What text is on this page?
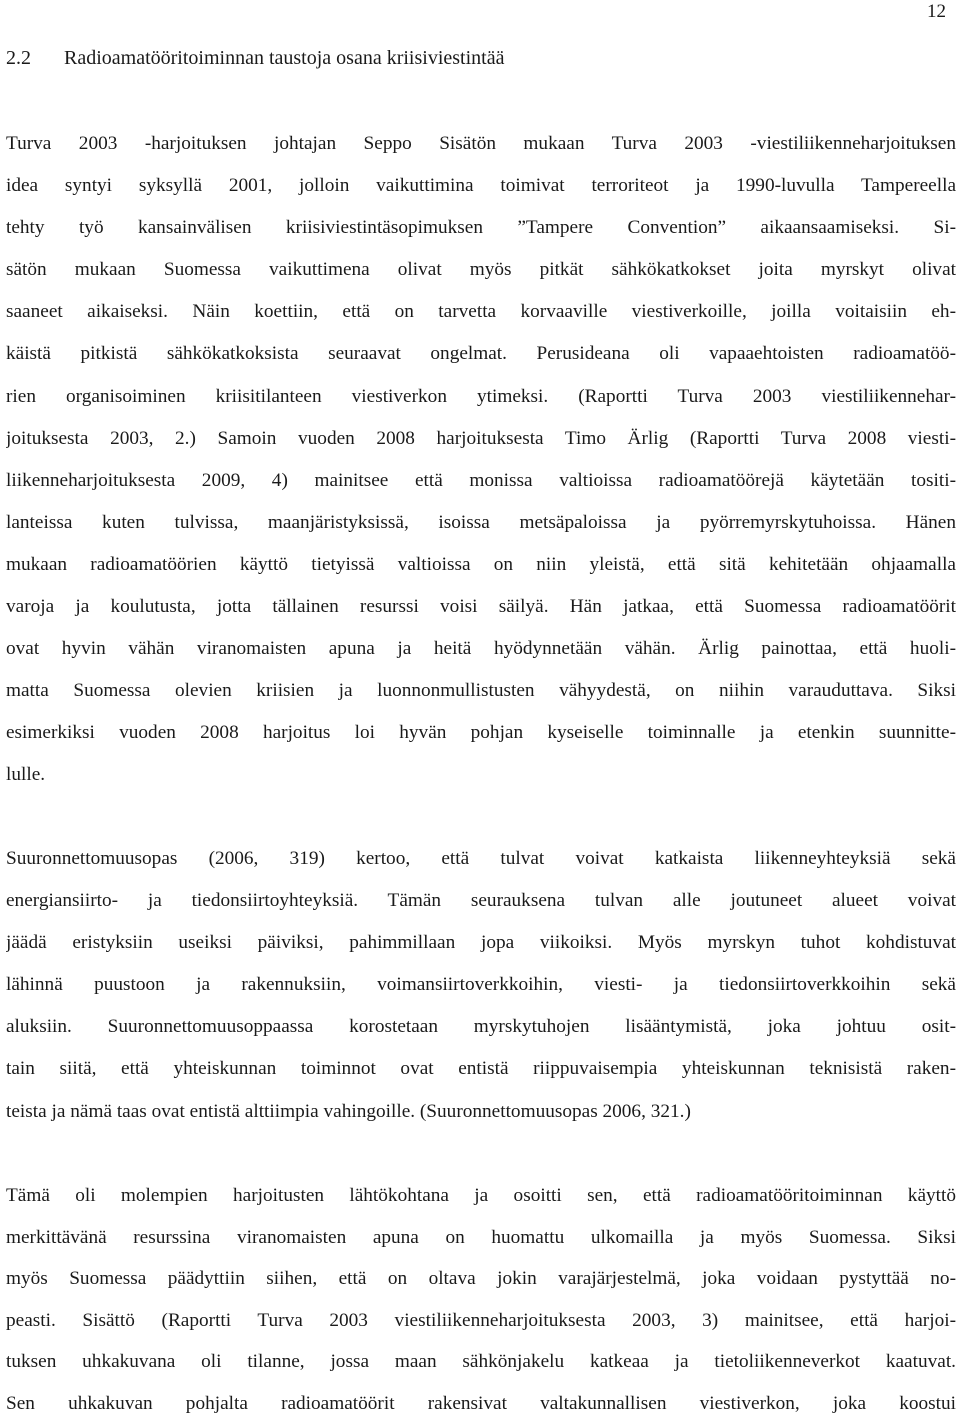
12
2.2 Radioamatööritoiminnan taustoja osana kriisiviestintää
Turva 2003 -harjoituksen johtajan Seppo Sisätön mukaan Turva 2003 -viestiliikenneharjoituksen
idea syntyi syksyllä 2001, jolloin vaikuttimina toimivat terroriteot ja 1990-luvulla Tampereella
tehty työ kansainvälisen kriisiviestintäsopimuksen ”Tampere Convention” aikaansaamiseksi. Si-
sätön mukaan Suomessa vaikuttimena olivat myös pitkät sähkökatkokset joita myrskyt olivat
saaneet aikaiseksi. Näin koettiin, että on tarvetta korvaaville viestiverkoille, joilla voitaisiin eh-
käistä pitkistä sähkökatkoksista seuraavat ongelmat. Perusideana oli vapaaehtoisten radioamatöö-
rien organisoiminen kriisitilanteen viestiverkon ytimeksi. (Raportti Turva 2003 viestiliikennehar-
joituksesta 2003, 2.) Samoin vuoden 2008 harjoituksesta Timo Ärlig (Raportti Turva 2008 viesti-
liikenneharjoituksesta 2009, 4) mainitsee että monissa valtioissa radioamatöörejä käytetään tositi-
lanteissa kuten tulvissa, maanjäristyksissä, isoissa metsäpaloissa ja pyörremyrskytuhoissa. Hänen
mukaan radioamatöörien käyttö tietyissä valtioissa on niin yleistä, että sitä kehitetään ohjaamalla
varoja ja koulutusta, jotta tällainen resurssi voisi säilyä. Hän jatkaa, että Suomessa radioamatöörit
ovat hyvin vähän viranomaisten apuna ja heitä hyödynnetään vähän. Ärlig painottaa, että huoli-
matta Suomessa olevien kriisien ja luonnonmullistusten vähyydestä, on niihin varauduttava. Siksi
esimerkiksi vuoden 2008 harjoitus loi hyvän pohjan kyseiselle toiminnalle ja etenkin suunnitte-
lulle.
Suuronnettomuusopas (2006, 319) kertoo, että tulvat voivat katkaista liikenneyhteyksiä sekä
energiansiirto- ja tiedonsiirtoyhteyksiä. Tämän seurauksena tulvan alle joutuneet alueet voivat
jäädä eristyksiin useiksi päiviksi, pahimmillaan jopa viikoiksi. Myös myrskyn tuhot kohdistuvat
lähinnä puustoon ja rakennuksiin, voimansiirtoverkkoihin, viesti- ja tiedonsiirtoverkkoihin sekä
aluksiin. Suuronnettomuusoppaassa korostetaan myrskytuhojen lisääntymistä, joka johtuu osit-
tain siitä, että yhteiskunnan toiminnot ovat entistä riippuvaisempia yhteiskunnan teknisistä raken-
teista ja nämä taas ovat entistä alttiimpia vahingoille. (Suuronnettomuusopas 2006, 321.)
Tämä oli molempien harjoitusten lähtökohtana ja osoitti sen, että radioamatööritoiminnan käyttö
merkittävänä resurssina viranomaisten apuna on huomattu ulkomailla ja myös Suomessa. Siksi
myös Suomessa päädyttiin siihen, että on oltava jokin varajärjestelmä, joka voidaan pystyttää no-
peasti. Sisättö (Raportti Turva 2003 viestiliikenneharjoituksesta 2003, 3) mainitsee, että harjoi-
tuksen uhkakuvana oli tilanne, jossa maan sähkönjakelu katkeaa ja tietoliikenneverkot kaatuvat.
Sen uhkakuvan pohjalta radioamatöörit rakensivat valtakunnallisen viestiverkon, joka koostui
